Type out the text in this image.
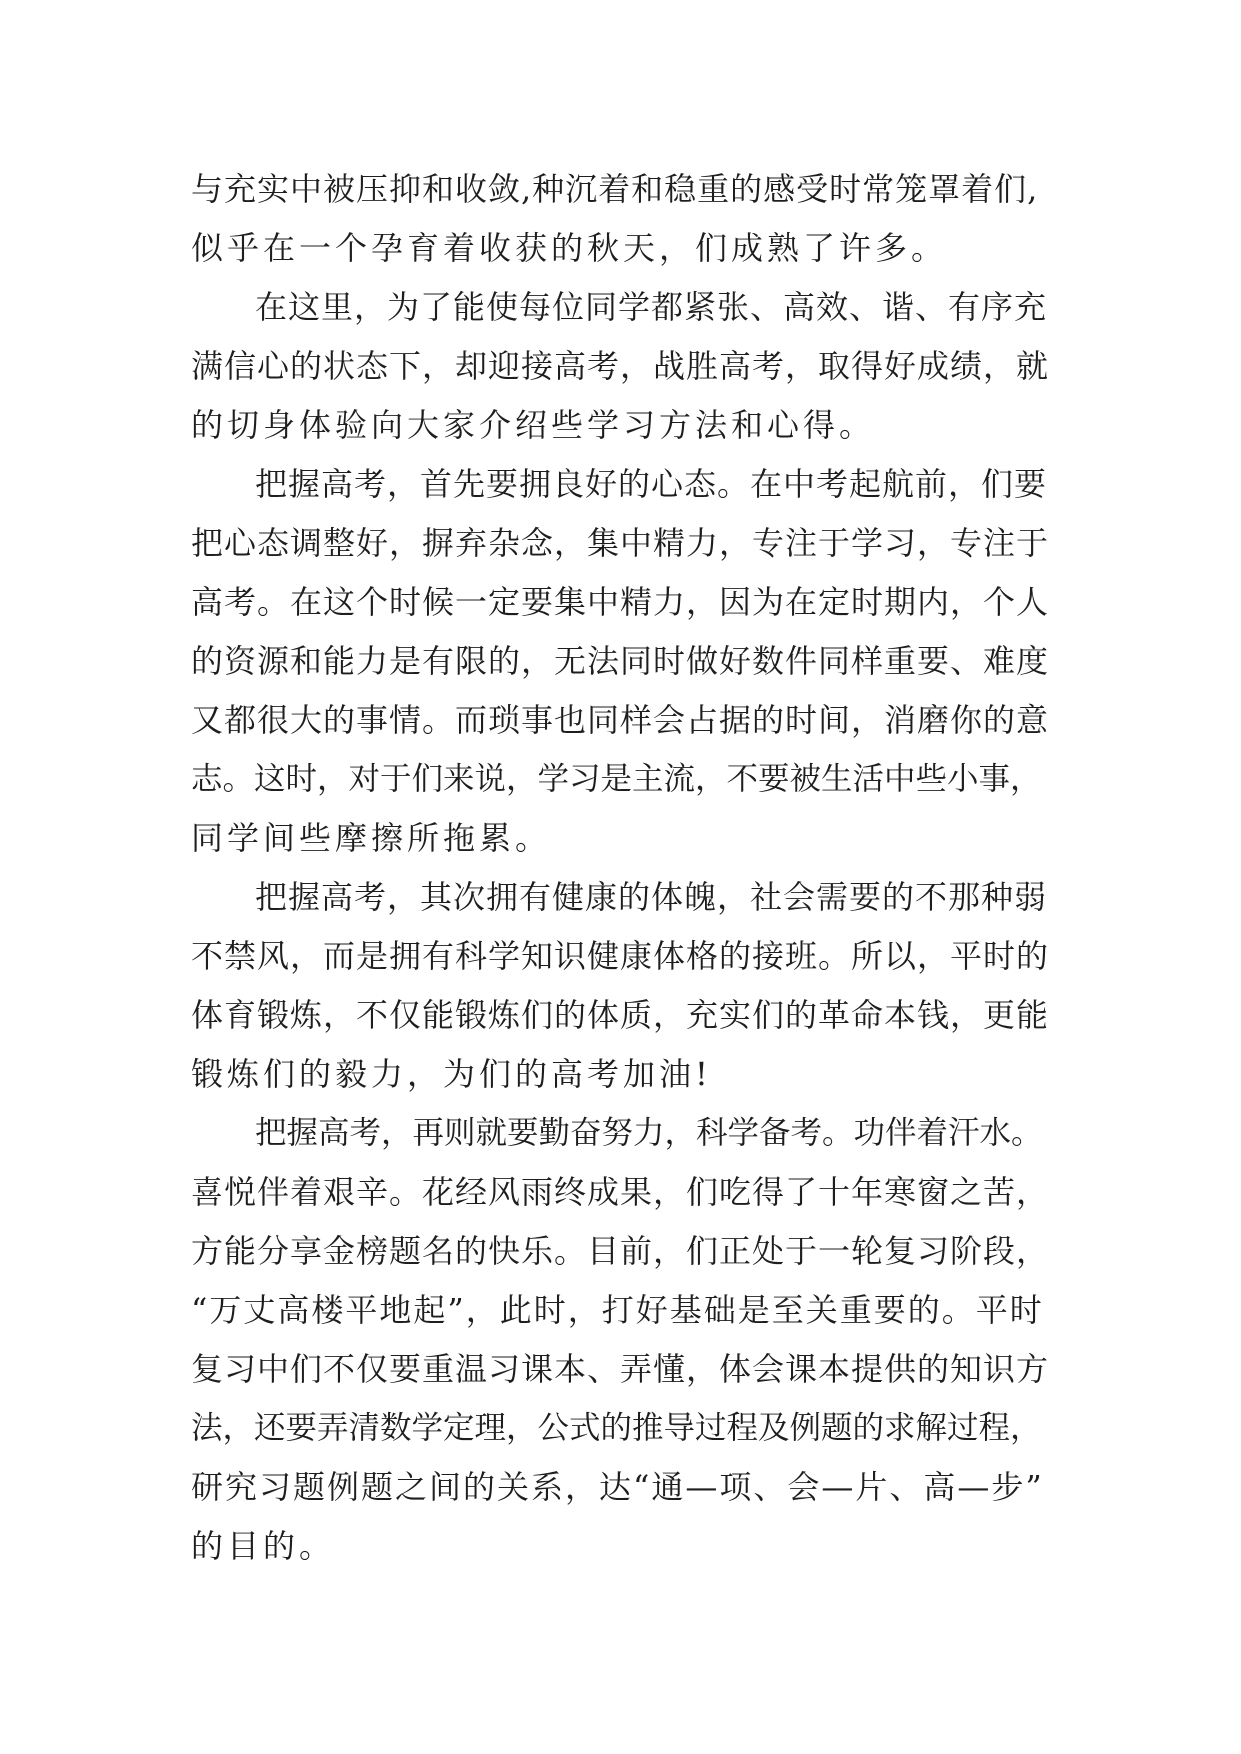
与充实中被压抑和收敛,种沉着和稳重的感受时常笼罩着们,
似乎在一个孕育着收获的秋天，们成熟了许多。

在这里，为了能使每位同学都紧张、高效、谐、有序充
满信心的状态下，却迎接高考，战胜高考，取得好成绩，就
的切身体验向大家介绍些学习方法和心得。

把握高考，首先要拥良好的心态。在中考起航前，们要
把心态调整好，摒弃杂念，集中精力，专注于学习，专注于
高考。在这个时候一定要集中精力，因为在定时期内，个人
的资源和能力是有限的，无法同时做好数件同样重要、难度
又都很大的事情。而琐事也同样会占据的时间，消磨你的意
志。这时，对于们来说，学习是主流，不要被生活中些小事，
同学间些摩擦所拖累。

把握高考，其次拥有健康的体魄，社会需要的不那种弱
不禁风，而是拥有科学知识健康体格的接班。所以，平时的
体育锻炼，不仅能锻炼们的体质，充实们的革命本钱，更能
锻炼们的毅力，为们的高考加油!

把握高考，再则就要勤奋努力，科学备考。功伴着汗水。
喜悦伴着艰辛。花经风雨终成果，们吃得了十年寒窗之苦，
方能分享金榜题名的快乐。目前，们正处于一轮复习阶段，
“万丈高楼平地起”，此时，打好基础是至关重要的。平时
复习中们不仅要重温习课本、弄懂，体会课本提供的知识方
法，还要弄清数学定理，公式的推导过程及例题的求解过程，
研究习题例题之间的关系，达“通—项、会—片、高—步”
的目的。
